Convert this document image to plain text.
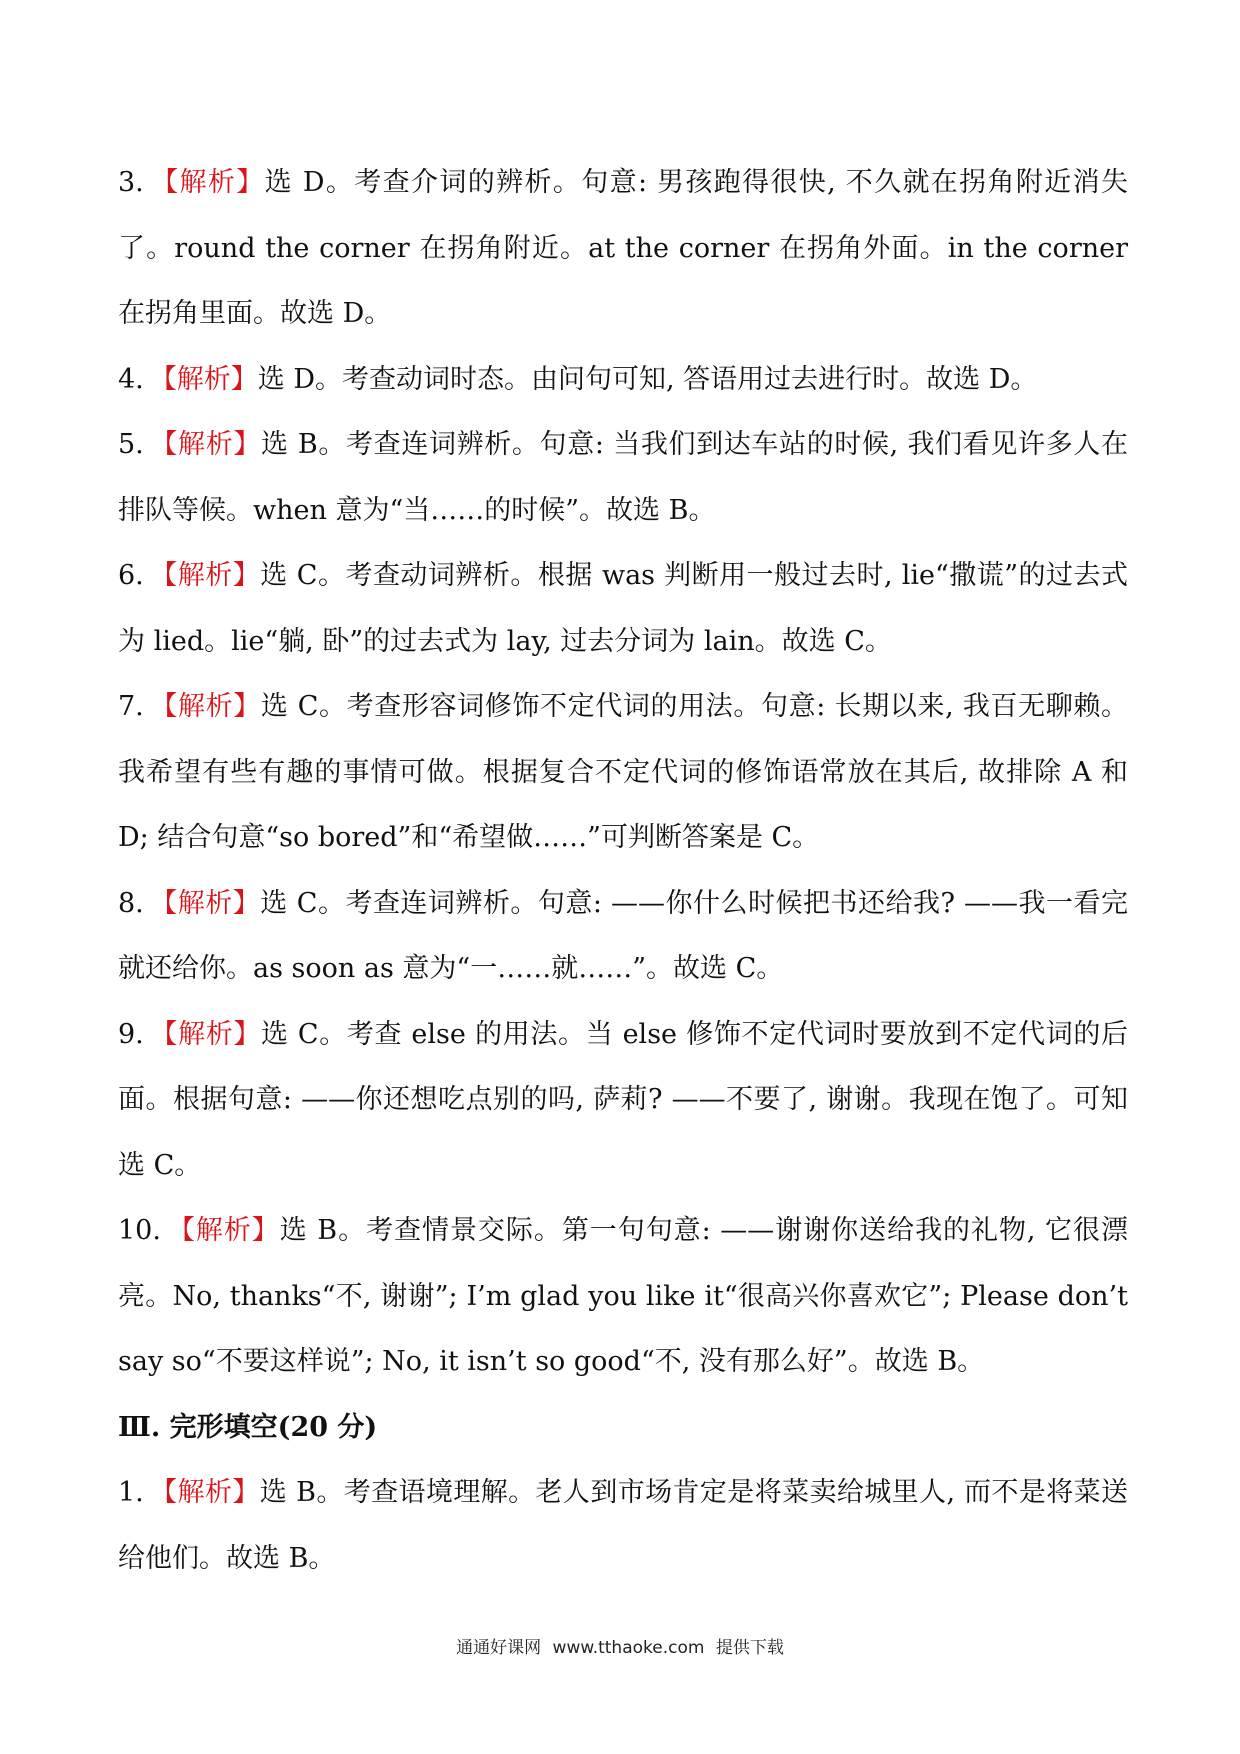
3. 【解析】选 D。考查介词的辨析。句意: 男孩跑得很快, 不久就在拐角附近消失了。round the corner 在拐角附近。at the corner 在拐角外面。in the corner 在拐角里面。故选 D。

4. 【解析】选 D。考查动词时态。由问句可知, 答语用过去进行时。故选 D。

5. 【解析】选 B。考查连词辨析。句意: 当我们到达车站的时候, 我们看见许多人在排队等候。when 意为“当……的时候”。故选 B。

6. 【解析】选 C。考查动词辨析。根据 was 判断用一般过去时, lie“撒谎”的过去式为 lied。lie“躺, 卧”的过去式为 lay, 过去分词为 lain。故选 C。

7. 【解析】选 C。考查形容词修饰不定代词的用法。句意: 长期以来, 我百无聊赖。我希望有些有趣的事情可做。根据复合不定代词的修饰语常放在其后, 故排除 A 和 D; 结合句意“so bored”和“希望做……”可判断答案是 C。

8. 【解析】选 C。考查连词辨析。句意: ——你什么时候把书还给我? ——我一看完就还给你。as soon as 意为“一……就……”。故选 C。

9. 【解析】选 C。考查 else 的用法。当 else 修饰不定代词时要放到不定代词的后面。根据句意: ——你还想吃点别的吗, 萨莉? ——不要了, 谢谢。我现在饱了。可知选 C。

10. 【解析】选 B。考查情景交际。第一句句意: ——谢谢你送给我的礼物, 它很漂亮。No, thanks“不, 谢谢”; I’m glad you like it“很高兴你喜欢它”; Please don’t say so“不要这样说”; No, it isn’t so good“不, 没有那么好”。故选 B。

Ⅲ. 完形填空(20 分)

1. 【解析】选 B。考查语境理解。老人到市场肯定是将菜卖给城里人, 而不是将菜送给他们。故选 B。

通通好课网 www.tthaoke.com 提供下载
